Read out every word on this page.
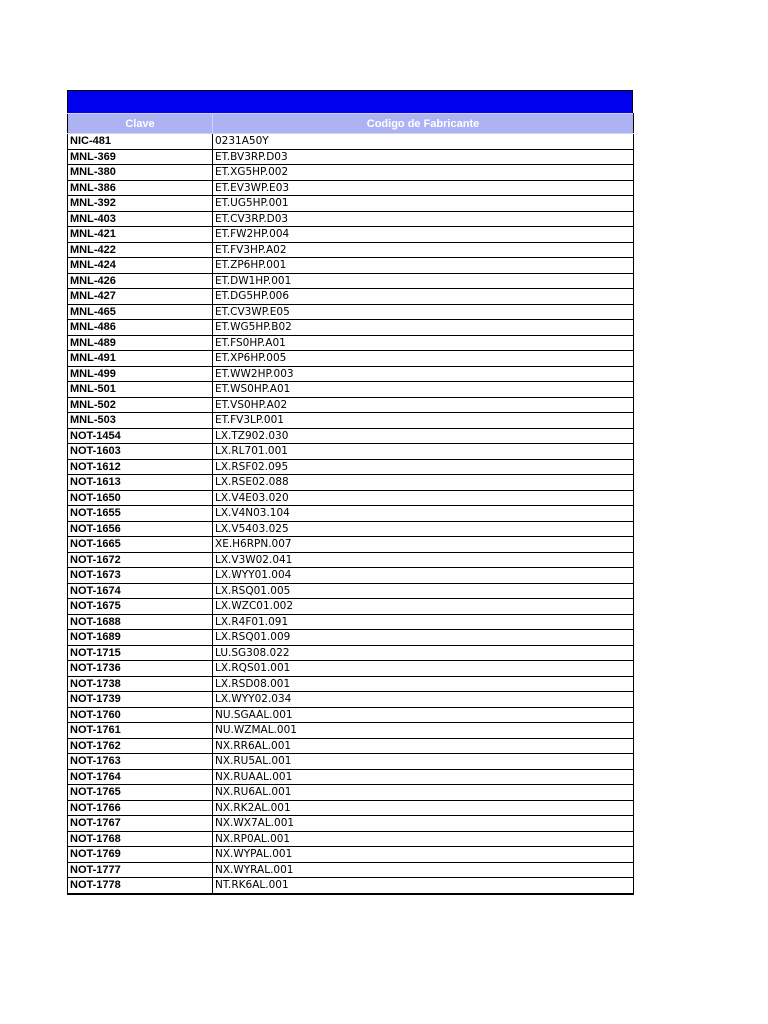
Clave	Codigo de Fabricante
NIC-481	0231A50Y
MNL-369	ET.BV3RP.D03
MNL-380	ET.XG5HP.002
MNL-386	ET.EV3WP.E03
MNL-392	ET.UG5HP.001
MNL-403	ET.CV3RP.D03
MNL-421	ET.FW2HP.004
MNL-422	ET.FV3HP.A02
MNL-424	ET.ZP6HP.001
MNL-426	ET.DW1HP.001
MNL-427	ET.DG5HP.006
MNL-465	ET.CV3WP.E05
MNL-486	ET.WG5HP.B02
MNL-489	ET.FS0HP.A01
MNL-491	ET.XP6HP.005
MNL-499	ET.WW2HP.003
MNL-501	ET.WS0HP.A01
MNL-502	ET.VS0HP.A02
MNL-503	ET.FV3LP.001
NOT-1454	LX.TZ902.030
NOT-1603	LX.RL701.001
NOT-1612	LX.RSF02.095
NOT-1613	LX.RSE02.088
NOT-1650	LX.V4E03.020
NOT-1655	LX.V4N03.104
NOT-1656	LX.V5403.025
NOT-1665	XE.H6RPN.007
NOT-1672	LX.V3W02.041
NOT-1673	LX.WYY01.004
NOT-1674	LX.RSQ01.005
NOT-1675	LX.WZC01.002
NOT-1688	LX.R4F01.091
NOT-1689	LX.RSQ01.009
NOT-1715	LU.SG308.022
NOT-1736	LX.RQS01.001
NOT-1738	LX.RSD08.001
NOT-1739	LX.WYY02.034
NOT-1760	NU.SGAAL.001
NOT-1761	NU.WZMAL.001
NOT-1762	NX.RR6AL.001
NOT-1763	NX.RU5AL.001
NOT-1764	NX.RUAAL.001
NOT-1765	NX.RU6AL.001
NOT-1766	NX.RK2AL.001
NOT-1767	NX.WX7AL.001
NOT-1768	NX.RP0AL.001
NOT-1769	NX.WYPAL.001
NOT-1777	NX.WYRAL.001
NOT-1778	NT.RK6AL.001
